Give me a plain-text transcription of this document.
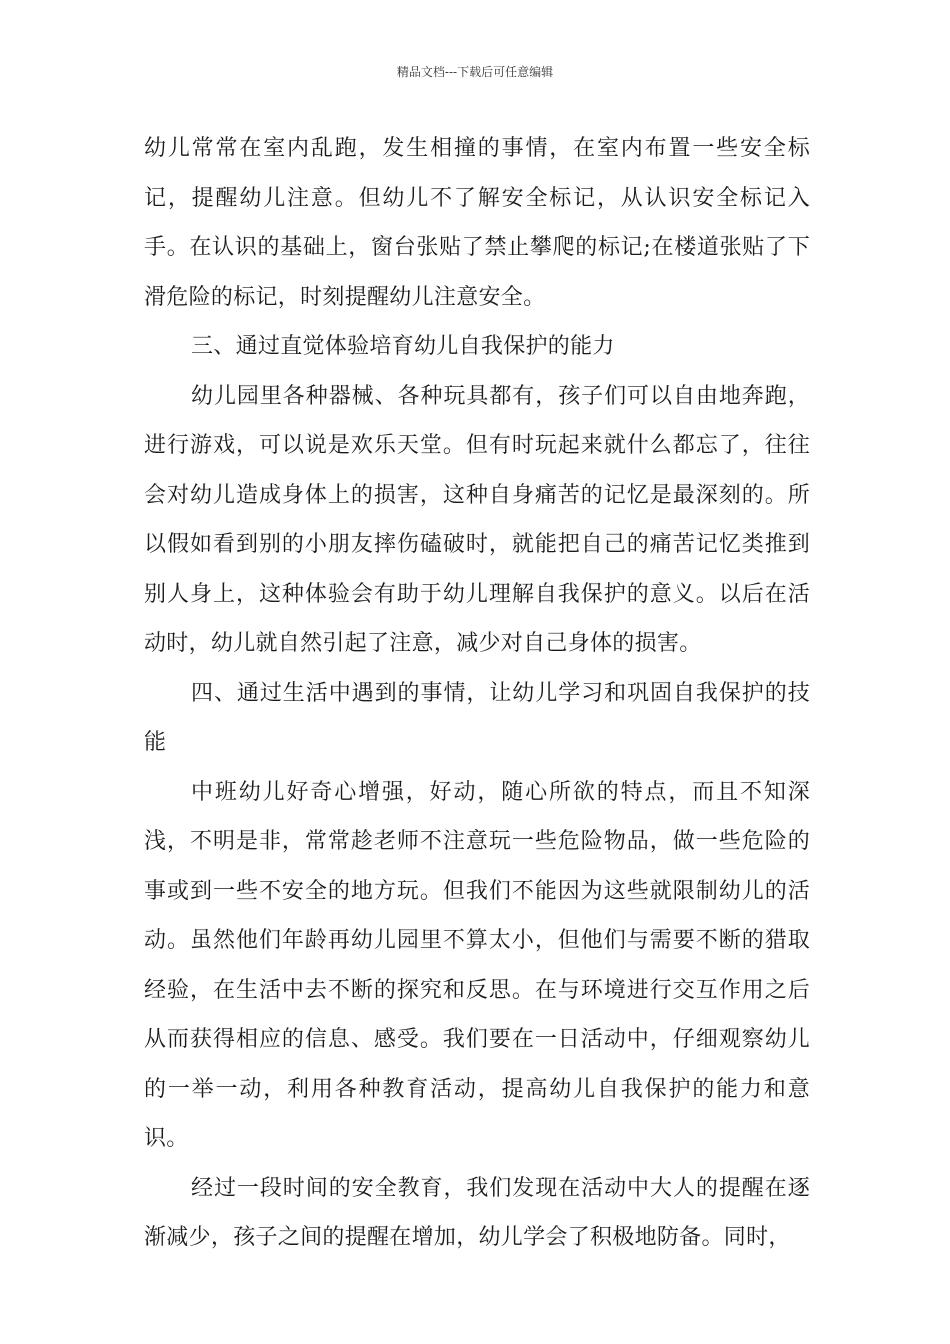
精品文档---下载后可任意编辑

幼儿常常在室内乱跑，发生相撞的事情，在室内布置一些安全标记，提醒幼儿注意。但幼儿不了解安全标记，从认识安全标记入手。在认识的基础上，窗台张贴了禁止攀爬的标记;在楼道张贴了下滑危险的标记，时刻提醒幼儿注意安全。

三、通过直觉体验培育幼儿自我保护的能力

幼儿园里各种器械、各种玩具都有，孩子们可以自由地奔跑，进行游戏，可以说是欢乐天堂。但有时玩起来就什么都忘了，往往会对幼儿造成身体上的损害，这种自身痛苦的记忆是最深刻的。所以假如看到别的小朋友摔伤磕破时，就能把自己的痛苦记忆类推到别人身上，这种体验会有助于幼儿理解自我保护的意义。以后在活动时，幼儿就自然引起了注意，减少对自己身体的损害。

四、通过生活中遇到的事情，让幼儿学习和巩固自我保护的技能

中班幼儿好奇心增强，好动，随心所欲的特点，而且不知深浅，不明是非，常常趁老师不注意玩一些危险物品，做一些危险的事或到一些不安全的地方玩。但我们不能因为这些就限制幼儿的活动。虽然他们年龄再幼儿园里不算太小，但他们与需要不断的猎取经验，在生活中去不断的探究和反思。在与环境进行交互作用之后从而获得相应的信息、感受。我们要在一日活动中，仔细观察幼儿的一举一动，利用各种教育活动，提高幼儿自我保护的能力和意识。

经过一段时间的安全教育，我们发现在活动中大人的提醒在逐渐减少，孩子之间的提醒在增加，幼儿学会了积极地防备。同时，
